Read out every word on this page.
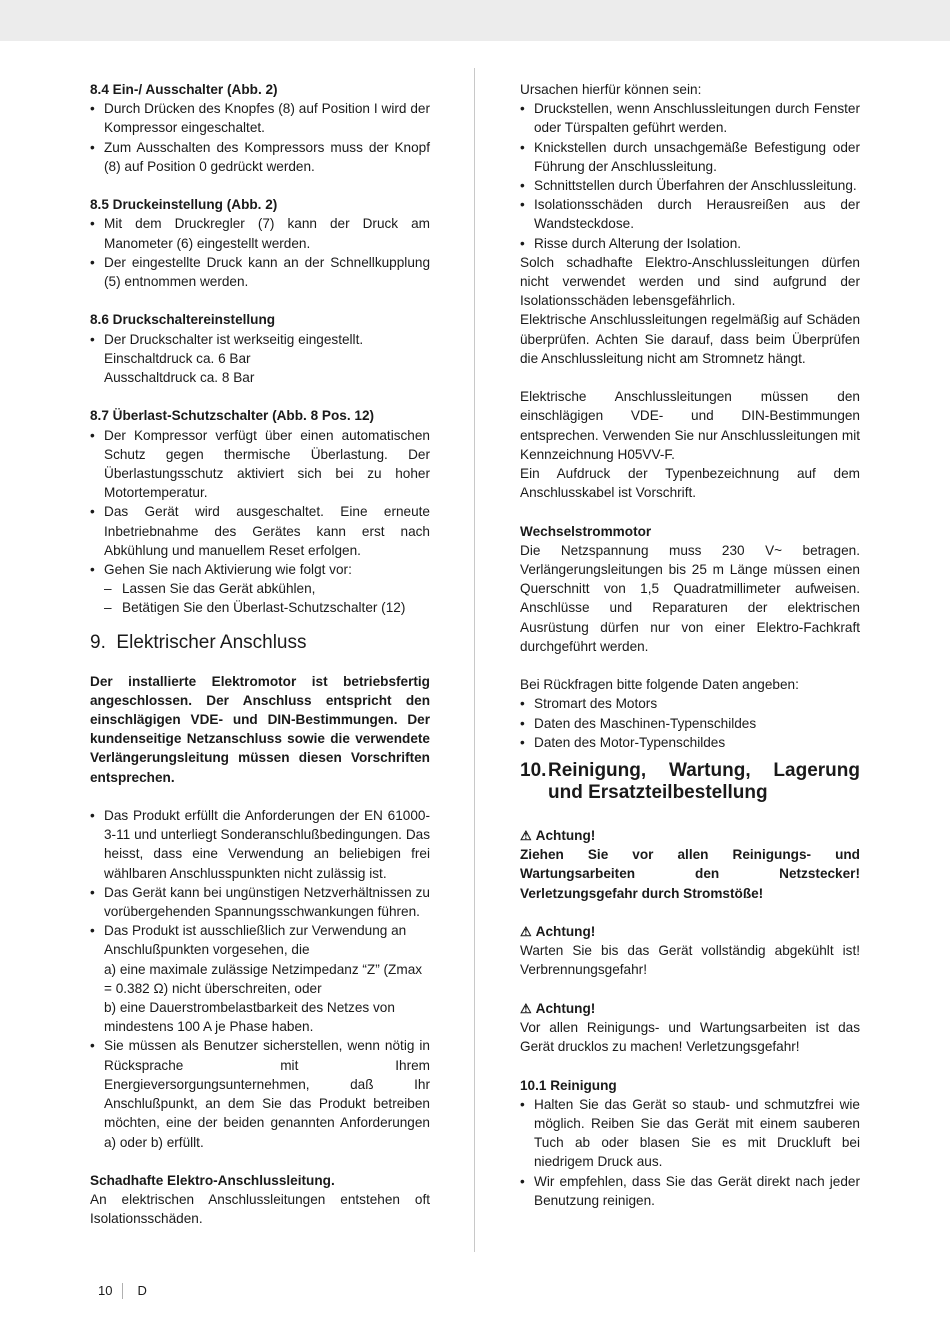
8.4 Ein-/ Ausschalter (Abb. 2)

• Durch Drücken des Knopfes (8) auf Position I wird der Kompressor eingeschaltet.
• Zum Ausschalten des Kompressors muss der Knopf (8) auf Position 0 gedrückt werden.

8.5 Druckeinstellung (Abb. 2)

• Mit dem Druckregler (7) kann der Druck am Manometer (6) eingestellt werden.
• Der eingestellte Druck kann an der Schnellkupplung (5) entnommen werden.

8.6 Druckschaltereinstellung

• Der Druckschalter ist werkseitig eingestellt.
Einschaltdruck ca. 6 Bar
Ausschaltdruck ca. 8 Bar

8.7 Überlast-Schutzschalter (Abb. 8 Pos. 12)

• Der Kompressor verfügt über einen automatischen Schutz gegen thermische Überlastung. Der Überlastungsschutz aktiviert sich bei zu hoher Motortemperatur.
• Das Gerät wird ausgeschaltet. Eine erneute Inbetriebnahme des Gerätes kann erst nach Abkühlung und manuellem Reset erfolgen.
• Gehen Sie nach Aktivierung wie folgt vor:
– Lassen Sie das Gerät abkühlen,
– Betätigen Sie den Überlast-Schutzschalter (12)
9.
Elektrischer Anschluss

Der installierte Elektromotor ist betriebsfertig angeschlossen. Der Anschluss entspricht den einschlägigen VDE- und DIN-Bestimmungen. Der kundenseitige Netzanschluss sowie die verwendete Verlängerungsleitung müssen diesen Vorschriften entsprechen.

• Das Produkt erfüllt die Anforderungen der EN 61000-3-11 und unterliegt Sonderanschlußbedingungen. Das heisst, dass eine Verwendung an beliebigen frei wählbaren Anschlusspunkten nicht zulässig ist.
• Das Gerät kann bei ungünstigen Netzverhältnissen zu vorübergehenden Spannungsschwankungen führen.
• Das Produkt ist ausschließlich zur Verwendung an Anschlußpunkten vorgesehen, die
a) eine maximale zulässige Netzimpedanz “Z” (Zmax = 0.382 Ω) nicht überschreiten, oder
b) eine Dauerstrombelastbarkeit des Netzes von mindestens 100 A je Phase haben.
• Sie müssen als Benutzer sicherstellen, wenn nötig in Rücksprache mit Ihrem Energieversorgungsunternehmen, daß Ihr Anschlußpunkt, an dem Sie das Produkt betreiben möchten, eine der beiden genannten Anforderungen a) oder b) erfüllt.

Schadhafte Elektro-Anschlussleitung.

An elektrischen Anschlussleitungen entstehen oft Isolationsschäden.

Ursachen hierfür können sein:

• Druckstellen, wenn Anschlussleitungen durch Fenster oder Türspalten geführt werden.
• Knickstellen durch unsachgemäße Befestigung oder Führung der Anschlussleitung.
• Schnittstellen durch Überfahren der Anschlussleitung.
• Isolationsschäden durch Herausreißen aus der Wandsteckdose.
• Risse durch Alterung der Isolation.

Solch schadhafte Elektro-Anschlussleitungen dürfen nicht verwendet werden und sind aufgrund der Isolationsschäden lebensgefährlich.

Elektrische Anschlussleitungen regelmäßig auf Schäden überprüfen. Achten Sie darauf, dass beim Überprüfen die Anschlussleitung nicht am Stromnetz hängt.

Elektrische Anschlussleitungen müssen den einschlägigen VDE- und DIN-Bestimmungen entsprechen. Verwenden Sie nur Anschlussleitungen mit Kennzeichnung H05VV-F.

Ein Aufdruck der Typenbezeichnung auf dem Anschlusskabel ist Vorschrift.

Wechselstrommotor

Die Netzspannung muss 230 V~ betragen. Verlängerungsleitungen bis 25 m Länge müssen einen Querschnitt von 1,5 Quadratmillimeter aufweisen. Anschlüsse und Reparaturen der elektrischen Ausrüstung dürfen nur von einer Elektro-Fachkraft durchgeführt werden.

Bei Rückfragen bitte folgende Daten angeben:

• Stromart des Motors
• Daten des Maschinen-Typenschildes
• Daten des Motor-Typenschildes
10. Reinigung, Wartung, Lagerung und Ersatzteilbestellung

⚠ Achtung!

Ziehen Sie vor allen Reinigungs- und Wartungsarbeiten den Netzstecker! Verletzungsgefahr durch Stromstöße!

⚠ Achtung!

Warten Sie bis das Gerät vollständig abgekühlt ist! Verbrennungsgefahr!

⚠ Achtung!

Vor allen Reinigungs- und Wartungsarbeiten ist das Gerät drucklos zu machen! Verletzungsgefahr!

10.1 Reinigung

• Halten Sie das Gerät so staub- und schmutzfrei wie möglich. Reiben Sie das Gerät mit einem sauberen Tuch ab oder blasen Sie es mit Druckluft bei niedrigem Druck aus.
• Wir empfehlen, dass Sie das Gerät direkt nach jeder Benutzung reinigen.
10	D
